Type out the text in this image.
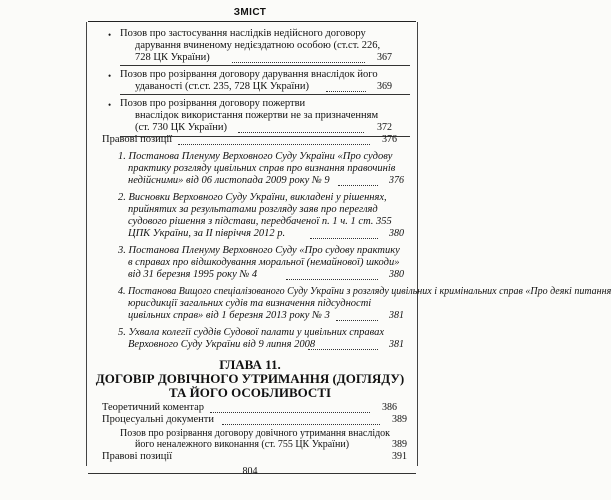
ЗМІСТ
• Позов про застосування наслідків недійсного договору
дарування вчиненому недієздатною особою (ст.ст. 226,
728 ЦК України)	367
• Позов про розірвання договору дарування внаслідок його
удаваності (ст.ст. 235, 728 ЦК України)	369
• Позов про розірвання договору пожертви
внаслідок використання пожертви не за призначенням
(ст. 730 ЦК України)	372
Правові позиції	376
1. Постанова Пленуму Верховного Суду України «Про судову
практику розгляду цивільних справ про визнання правочинів
недійсними» від 06 листопада 2009 року № 9	376
2. Висновки Верховного Суду України, викладені у рішеннях,
прийнятих за результатами розгляду заяв про перегляд
судового рішення з підстави, передбаченої п. 1 ч. 1 ст. 355
ЦПК України, за II півріччя 2012 р.	380
3. Постанова Пленуму Верховного Суду «Про судову практику
в справах про відшкодування моральної (немайнової) шкоди»
від 31 березня 1995 року № 4	380
4. Постанова Вищого спеціалізованого Суду України з розгляду цивільних і кримінальних справ «Про деякі питання
юрисдикції загальних судів та визначення підсудності
цивільних справ» від 1 березня 2013 року № 3	381
5. Ухвала колегії суддів Судової палати у цивільних справах
Верховного Суду України від 9 липня 2008	381
ГЛАВА 11.
ДОГОВІР ДОВІЧНОГО УТРИМАННЯ (ДОГЛЯДУ)
ТА ЙОГО ОСОБЛИВОСТІ
Теоретичний коментар	386
Процесуальні документи	389
Позов про розірвання договору довічного утримання внаслідок
його неналежного виконання (ст. 755 ЦК України)	389
Правові позиції	391
804
